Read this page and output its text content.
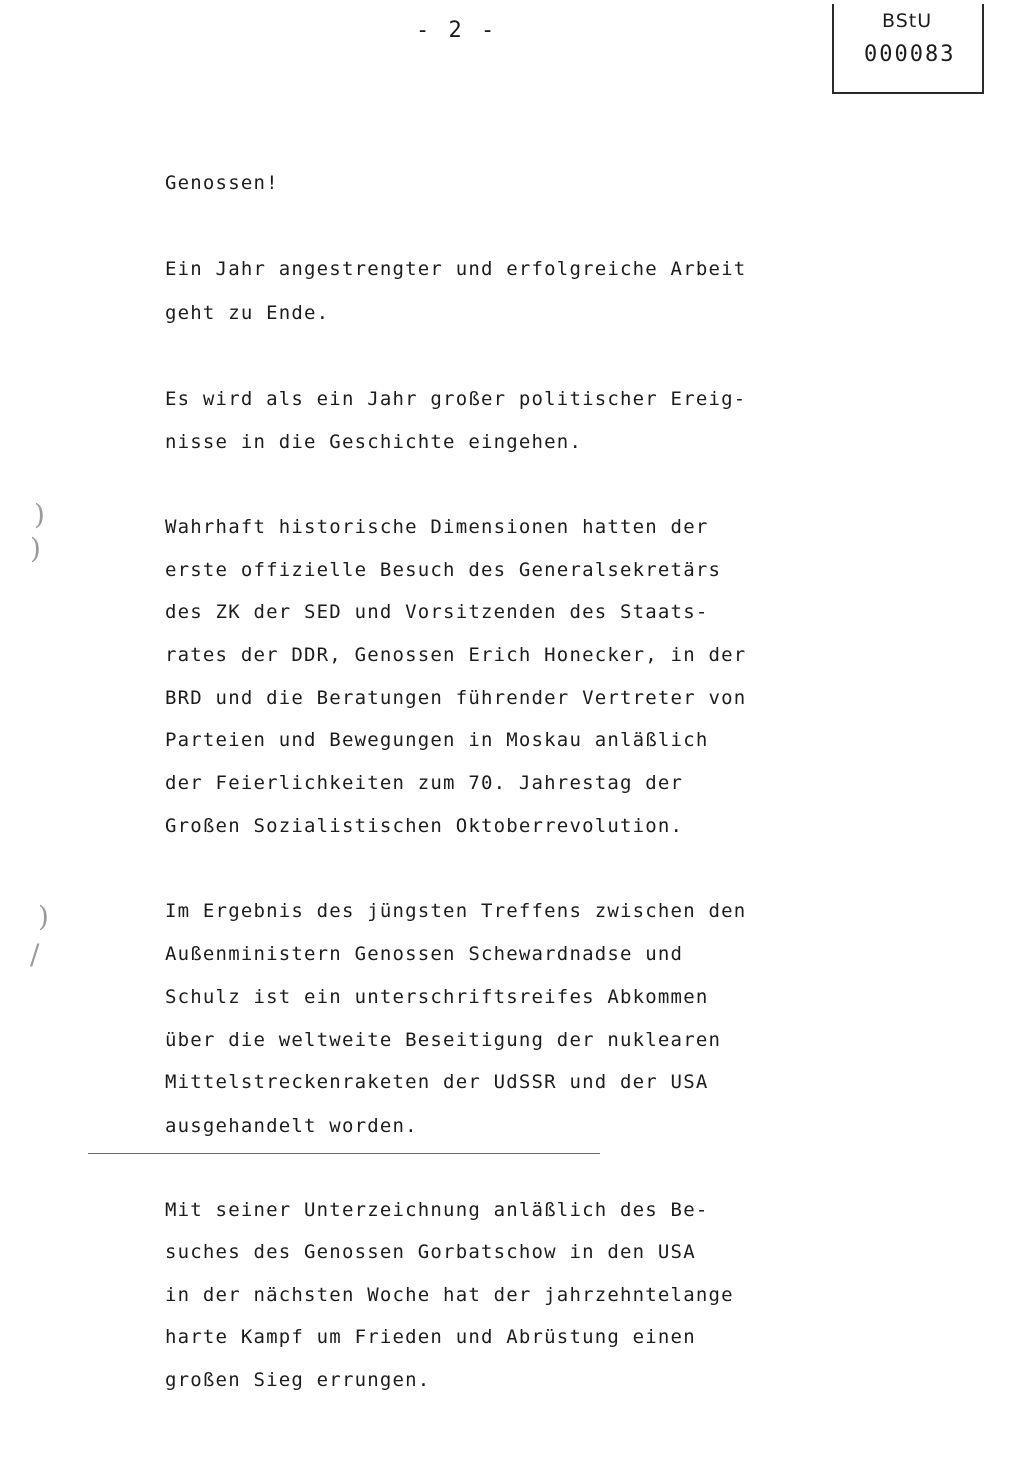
- 2 -	BStU
000083
Genossen!
Ein Jahr angestrengter und erfolgreiche Arbeit
geht zu Ende.
Es wird als ein Jahr großer politischer Ereig-
nisse in die Geschichte eingehen.
Wahrhaft historische Dimensionen hatten der
erste offizielle Besuch des Generalsekretärs
des ZK der SED und Vorsitzenden des Staats-
rates der DDR, Genossen Erich Honecker, in der
BRD und die Beratungen führender Vertreter von
Parteien und Bewegungen in Moskau anläßlich
der Feierlichkeiten zum 70. Jahrestag der
Großen Sozialistischen Oktoberrevolution.
Im Ergebnis des jüngsten Treffens zwischen den
Außenministern Genossen Schewardnadse und
Schulz ist ein unterschriftsreifes Abkommen
über die weltweite Beseitigung der nuklearen
Mittelstreckenraketen der UdSSR und der USA
ausgehandelt worden.
Mit seiner Unterzeichnung anläßlich des Be-
suches des Genossen Gorbatschow in den USA
in der nächsten Woche hat der jahrzehntelange
harte Kampf um Frieden und Abrüstung einen
großen Sieg errungen.
)
)
)
/
